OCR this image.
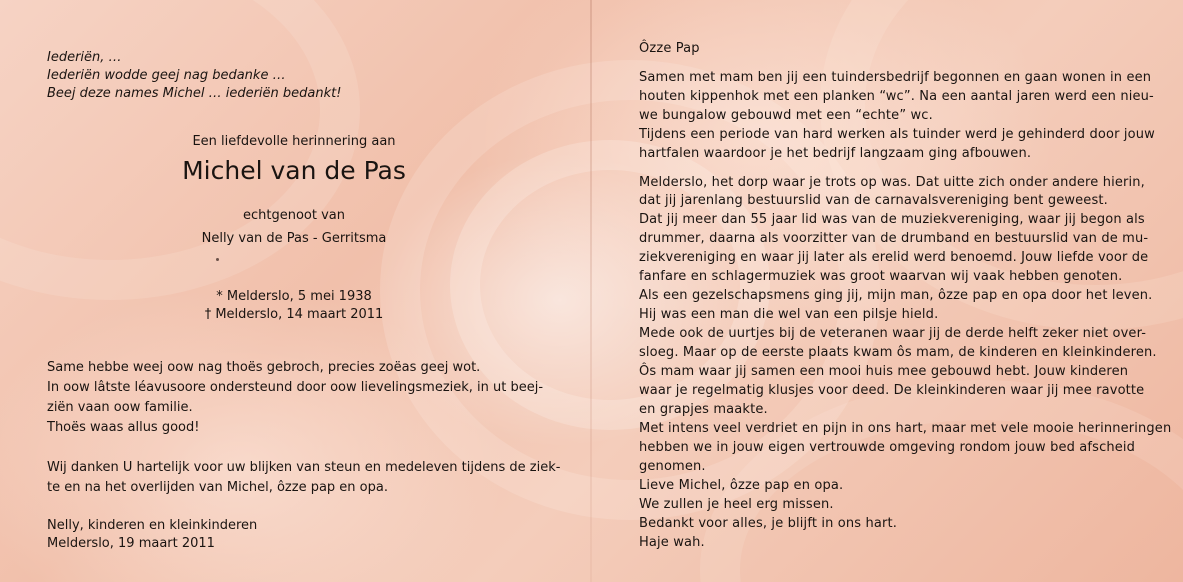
Iederiën, …
Iederiën wodde geej nag bedanke …
Beej deze names Michel … iederiën bedankt!
Een liefdevolle herinnering aan
Michel van de Pas
echtgenoot van
Nelly van de Pas - Gerritsma
* Melderslo, 5 mei 1938
† Melderslo, 14 maart 2011
Same hebbe weej oow nag thoës gebroch, precies zoëas geej wot.
In oow lâtste léavusoore ondersteund door oow lievelingsmeziek, in ut beej-
ziën vaan oow familie.
Thoës waas allus good!
Wij danken U hartelijk voor uw blijken van steun en medeleven tijdens de ziek-
te en na het overlijden van Michel, ôzze pap en opa.
Nelly, kinderen en kleinkinderen
Melderslo, 19 maart 2011
Ôzze Pap
Samen met mam ben jij een tuindersbedrijf begonnen en gaan wonen in een
houten kippenhok met een planken “wc”. Na een aantal jaren werd een nieu-
we bungalow gebouwd met een “echte” wc.
Tijdens een periode van hard werken als tuinder werd je gehinderd door jouw
hartfalen waardoor je het bedrijf langzaam ging afbouwen.
Melderslo, het dorp waar je trots op was. Dat uitte zich onder andere hierin,
dat jij jarenlang bestuurslid van de carnavalsvereniging bent geweest.
Dat jij meer dan 55 jaar lid was van de muziekvereniging, waar jij begon als
drummer, daarna als voorzitter van de drumband en bestuurslid van de mu-
ziekvereniging en waar jij later als erelid werd benoemd. Jouw liefde voor de
fanfare en schlagermuziek was groot waarvan wij vaak hebben genoten.
Als een gezelschapsmens ging jij, mijn man, ôzze pap en opa door het leven.
Hij was een man die wel van een pilsje hield.
Mede ook de uurtjes bij de veteranen waar jij de derde helft zeker niet over-
sloeg. Maar op de eerste plaats kwam ôs mam, de kinderen en kleinkinderen.
Ôs mam waar jij samen een mooi huis mee gebouwd hebt. Jouw kinderen
waar je regelmatig klusjes voor deed. De kleinkinderen waar jij mee ravotte
en grapjes maakte.
Met intens veel verdriet en pijn in ons hart, maar met vele mooie herinneringen
hebben we in jouw eigen vertrouwde omgeving rondom jouw bed afscheid
genomen.
Lieve Michel, ôzze pap en opa.
We zullen je heel erg missen.
Bedankt voor alles, je blijft in ons hart.
Haje wah.
